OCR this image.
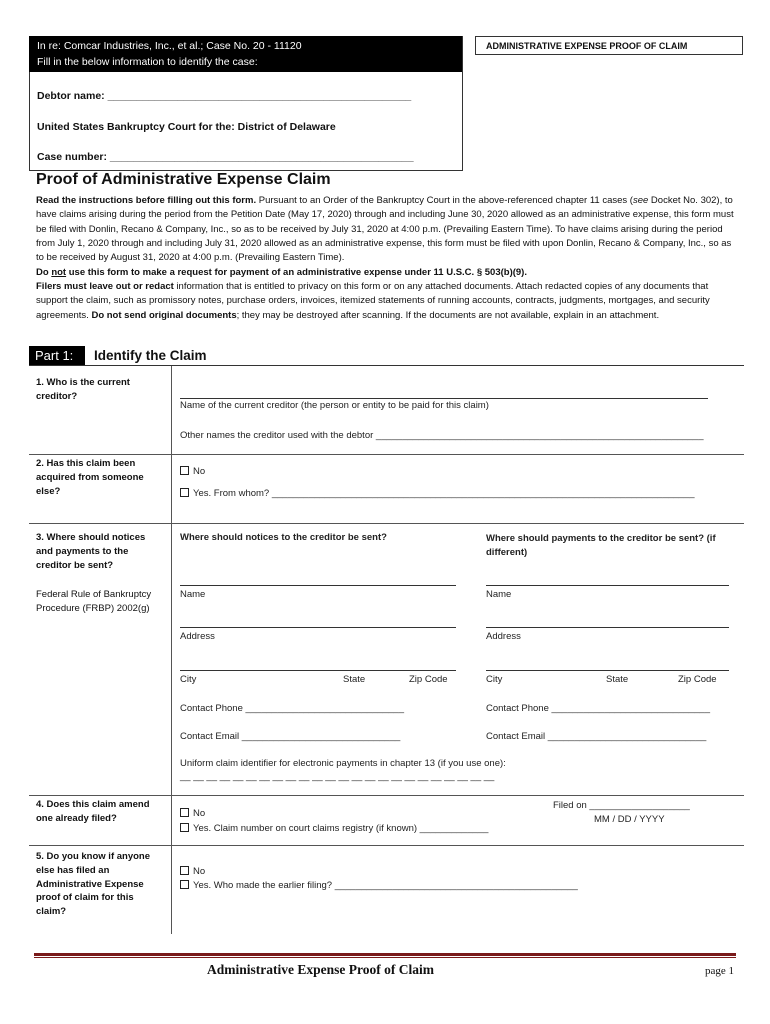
In re: Comcar Industries, Inc., et al.; Case No. 20 - 11120
Fill in the below information to identify the case:
Debtor name: ____________________________________________________
United States Bankruptcy Court for the: District of Delaware
Case number: ____________________________________________________
ADMINISTRATIVE EXPENSE PROOF OF CLAIM
Proof of Administrative Expense Claim
Read the instructions before filling out this form. Pursuant to an Order of the Bankruptcy Court in the above-referenced chapter 11 cases (see Docket No. 302), to have claims arising during the period from the Petition Date (May 17, 2020) through and including June 30, 2020 allowed as an administrative expense, this form must be filed with Donlin, Recano & Company, Inc., so as to be received by July 31, 2020 at 4:00 p.m. (Prevailing Eastern Time). To have claims arising during the period from July 1, 2020 through and including July 31, 2020 allowed as an administrative expense, this form must be filed with upon Donlin, Recano & Company, Inc., so as to be received by August 31, 2020 at 4:00 p.m. (Prevailing Eastern Time).
Do not use this form to make a request for payment of an administrative expense under 11 U.S.C. § 503(b)(9).
Filers must leave out or redact information that is entitled to privacy on this form or on any attached documents. Attach redacted copies of any documents that support the claim, such as promissory notes, purchase orders, invoices, itemized statements of running accounts, contracts, judgments, mortgages, and security agreements. Do not send original documents; they may be destroyed after scanning. If the documents are not available, explain in an attachment.
Part 1:	Identify the Claim
1. Who is the current creditor?
Name of the current creditor (the person or entity to be paid for this claim)
Other names the creditor used with the debtor ______________________________________________________________
2. Has this claim been acquired from someone else?
No
Yes. From whom? ________________________________________________________________________________
3. Where should notices and payments to the creditor be sent?
Federal Rule of Bankruptcy Procedure (FRBP) 2002(g)
Where should notices to the creditor be sent?	Where should payments to the creditor be sent? (if different)
Name
Address
City	State	Zip Code
Contact Phone ______________________________
Contact Email ______________________________
Name
Address
City	State	Zip Code
Contact Phone ______________________________
Contact Email ______________________________
Uniform claim identifier for electronic payments in chapter 13 (if you use one):
__ __ __ __ __ __ __ __ __ __ __ __ __ __ __ __ __ __ __ __ __ __ __ __
4. Does this claim amend one already filed?	No
Yes. Claim number on court claims registry (if known) _____________
Filed on ___________________
MM / DD / YYYY
5. Do you know if anyone else has filed an Administrative Expense proof of claim for this claim?
No
Yes. Who made the earlier filing? ______________________________________________
Administrative Expense Proof of Claim	page 1
